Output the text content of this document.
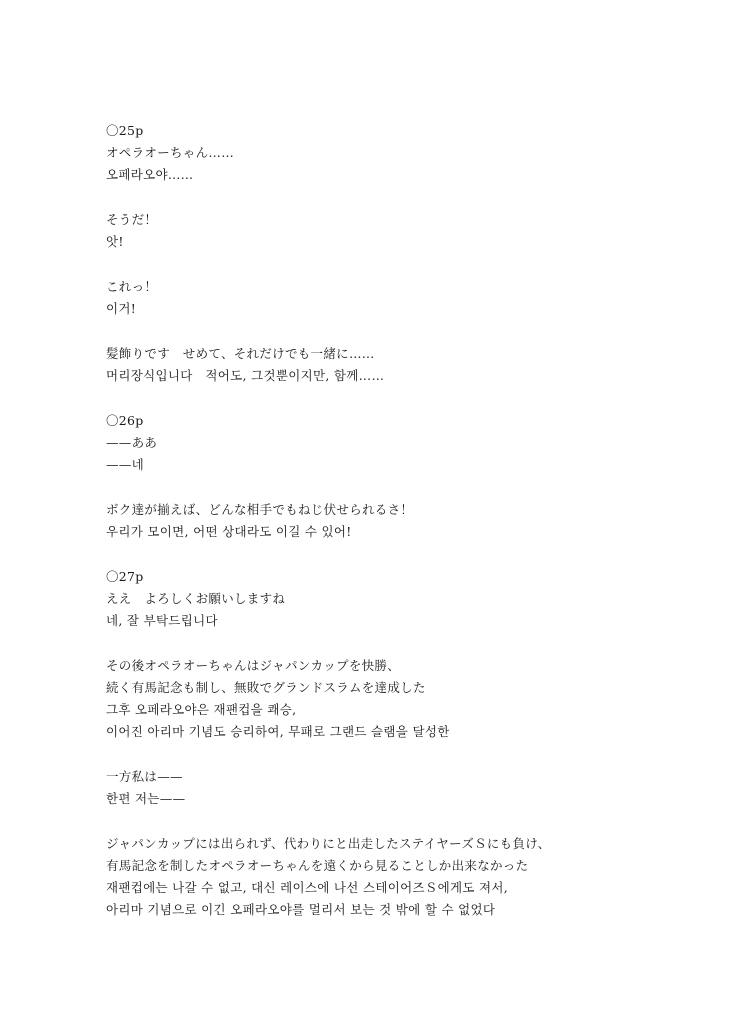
〇25p
オペラオーちゃん……
오페라오야……
そうだ！
앗!
これっ！
이거!
髪飾りです　せめて、それだけでも一緒に……
머리장식입니다　적어도, 그것뿐이지만, 함께……
〇26p
——ああ
——네
ボク達が揃えば、どんな相手でもねじ伏せられるさ！
우리가 모이면, 어떤 상대라도 이길 수 있어!
〇27p
ええ　よろしくお願いしますね
네, 잘 부탁드립니다
その後オペラオーちゃんはジャパンカップを快勝、
続く有馬記念も制し、無敗でグランドスラムを達成した
그후 오페라오야은 재팬컵을 쾌승,
이어진 아리마 기념도 승리하여, 무패로 그랜드 슬램을 달성한
一方私は——
한편 저는——
ジャパンカップには出られず、代わりにと出走したステイヤーズＳにも負け、
有馬記念を制したオペラオーちゃんを遠くから見ることしか出来なかった
재팬컵에는 나갈 수 없고, 대신 레이스에 나선 스테이어즈Ｓ에게도 져서,
아리마 기념으로 이긴 오페라오야를 멀리서 보는 것 밖에 할 수 없었다
